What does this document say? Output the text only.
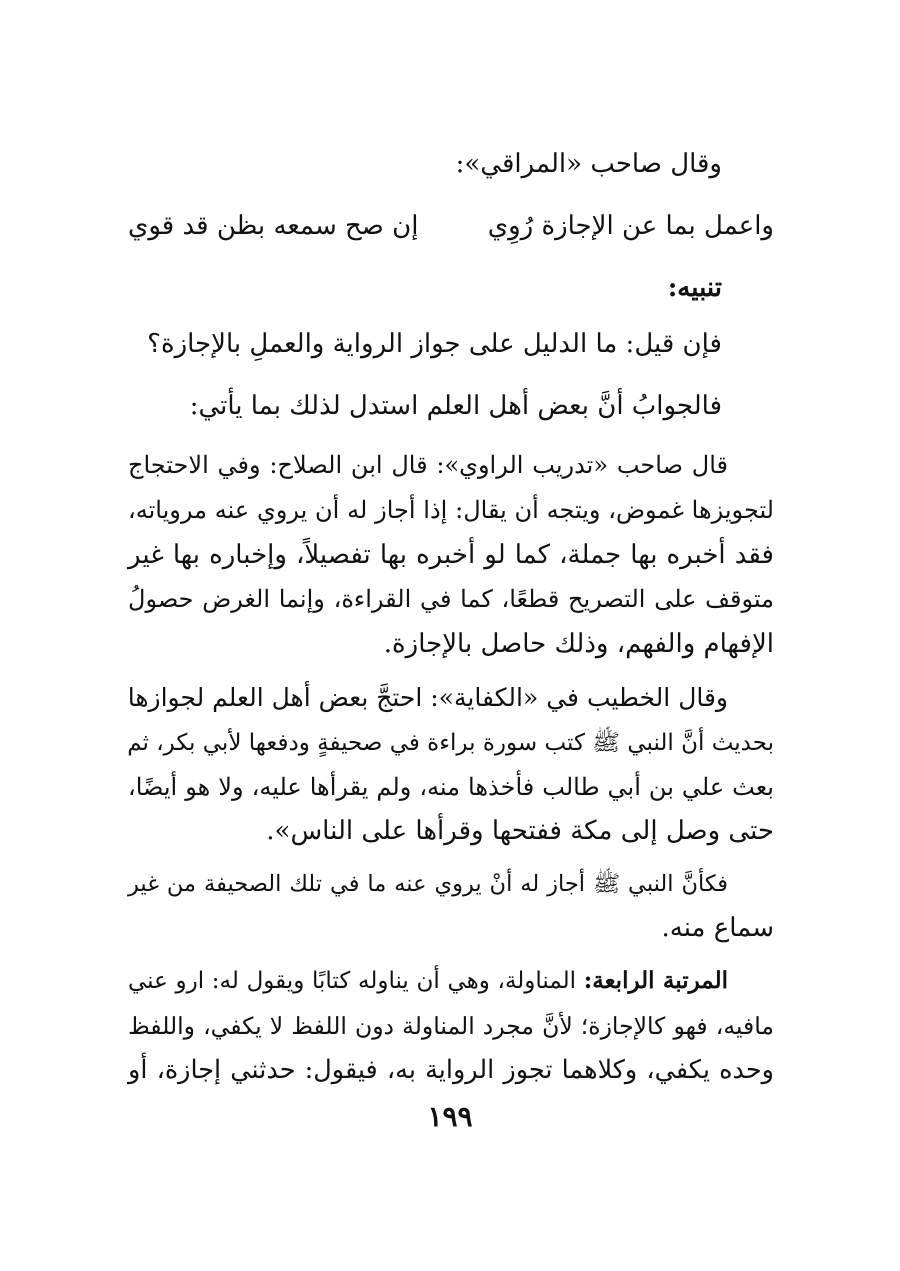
وقال صاحب «المراقي»:
واعمل بما عن الإجازة رُوِي
إن صح سمعه بظن قد قوي
تنبيه:
فإن قيل: ما الدليل على جواز الرواية والعملِ بالإجازة؟
فالجوابُ أنَّ بعض أهل العلم استدل لذلك بما يأتي:
قال صاحب «تدريب الراوي»: قال ابن الصلاح: وفي الاحتجاج
لتجويزها غموض، ويتجه أن يقال: إذا أجاز له أن يروي عنه مروياته،
فقد أخبره بها جملة، كما لو أخبره بها تفصيلاً، وإخباره بها غير
متوقف على التصريح قطعًا، كما في القراءة، وإنما الغرض حصولُ
الإفهام والفهم، وذلك حاصل بالإجازة.
وقال الخطيب في «الكفاية»: احتجَّ بعض أهل العلم لجوازها
بحديث أنَّ النبي ﷺ كتب سورة براءة في صحيفةٍ ودفعها لأبي بكر، ثم
بعث علي بن أبي طالب فأخذها منه، ولم يقرأها عليه، ولا هو أيضًا،
حتى وصل إلى مكة ففتحها وقرأها على الناس».
فكأنَّ النبي ﷺ أجاز له أنْ يروي عنه ما في تلك الصحيفة من غير
سماع منه.
المرتبة الرابعة: المناولة، وهي أن يناوله كتابًا ويقول له: ارو عني
مافيه، فهو كالإجازة؛ لأنَّ مجرد المناولة دون اللفظ لا يكفي، واللفظ
وحده يكفي، وكلاهما تجوز الرواية به، فيقول: حدثني إجازة، أو
١٩٩
